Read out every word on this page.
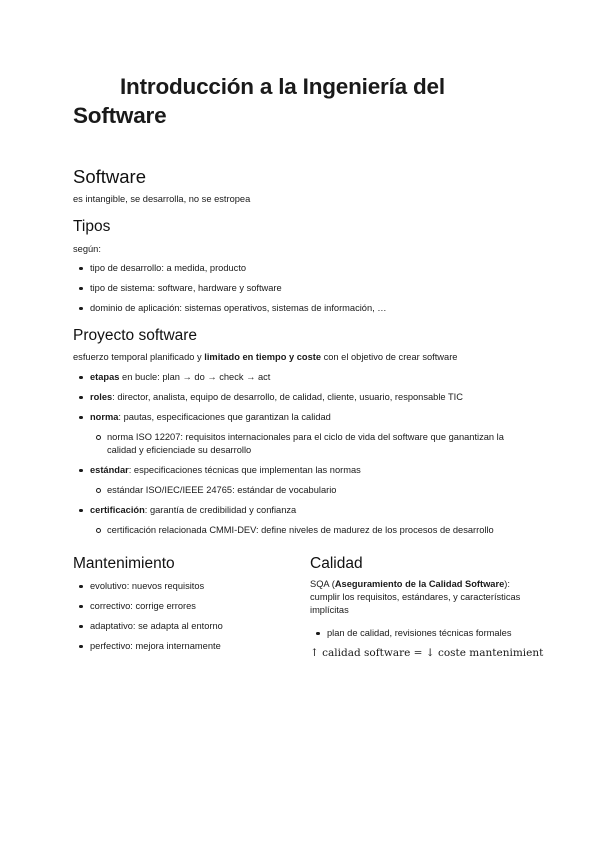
Introducción a la Ingeniería del
Software
Software
es intangible, se desarrolla, no se estropea
Tipos
según:
tipo de desarrollo: a medida, producto
tipo de sistema: software, hardware y software
dominio de aplicación: sistemas operativos, sistemas de información, …
Proyecto software
esfuerzo temporal planificado y limitado en tiempo y coste con el objetivo de crear software
etapas en bucle: plan → do → check → act
roles: director, analista, equipo de desarrollo, de calidad, cliente, usuario, responsable TIC
norma: pautas, especificaciones que garantizan la calidad
norma ISO 12207: requisitos internacionales para el ciclo de vida del software que ganantizan la calidad y eficienciade su desarrollo
estándar: especificaciones técnicas que implementan las normas
estándar ISO/IEC/IEEE 24765: estándar de vocabulario
certificación: garantía de credibilidad y confianza
certificación relacionada CMMI-DEV: define niveles de madurez de los procesos de desarrollo
Mantenimiento
evolutivo: nuevos requisitos
correctivo: corrige errores
adaptativo: se adapta al entorno
perfectivo: mejora internamente
Calidad
SQA (Aseguramiento de la Calidad Software): cumplir los requisitos, estándares, y características implícitas
plan de calidad, revisiones técnicas formales
↑ calidad software = ↓ coste mantenimient
